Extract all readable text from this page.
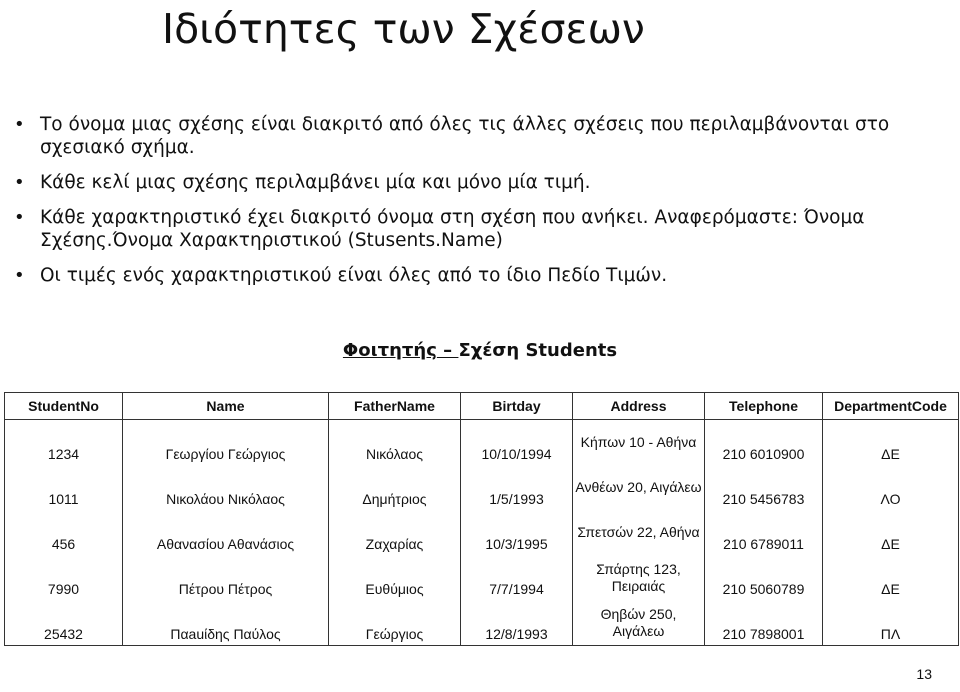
Ιδιότητες των Σχέσεων
• Το όνομα μιας σχέσης είναι διακριτό από όλες τις άλλες σχέσεις που περιλαμβάνονται στο σχεσιακό σχήμα.
• Κάθε κελί μιας σχέσης περιλαμβάνει μία και μόνο μία τιμή.
• Κάθε χαρακτηριστικό έχει διακριτό όνομα στη σχέση που ανήκει. Αναφερόμαστε: Όνομα Σχέσης.Όνομα Χαρακτηριστικού (Stusents.Name)
• Οι τιμές ενός χαρακτηριστικού είναι όλες από το ίδιο Πεδίο Τιμών.
Φοιτητής – Σχέση Students
StudentNo	Name	FatherName	Birtday	Address	Telephone	DepartmentCode
1234	Γεωργίου Γεώργιος	Νικόλαος	10/10/1994	Κήπων 10 - Αθήνα	210 6010900	ΔΕ
1011	Νικολάου Νικόλαος	Δημήτριος	1/5/1993	Ανθέων 20, Αιγάλεω	210 5456783	ΛΟ
456	Αθανασίου Αθανάσιος	Ζαχαρίας	10/3/1995	Σπετσών 22, Αθήνα	210 6789011	ΔΕ
7990	Πέτρου Πέτρος	Ευθύμιος	7/7/1994	Σπάρτης 123, Πειραιάς	210 5060789	ΔΕ
25432	Παauίδης Παύλος	Γεώργιος	12/8/1993	Θηβών 250, Αιγάλεω	210 7898001	ΠΛ
13
